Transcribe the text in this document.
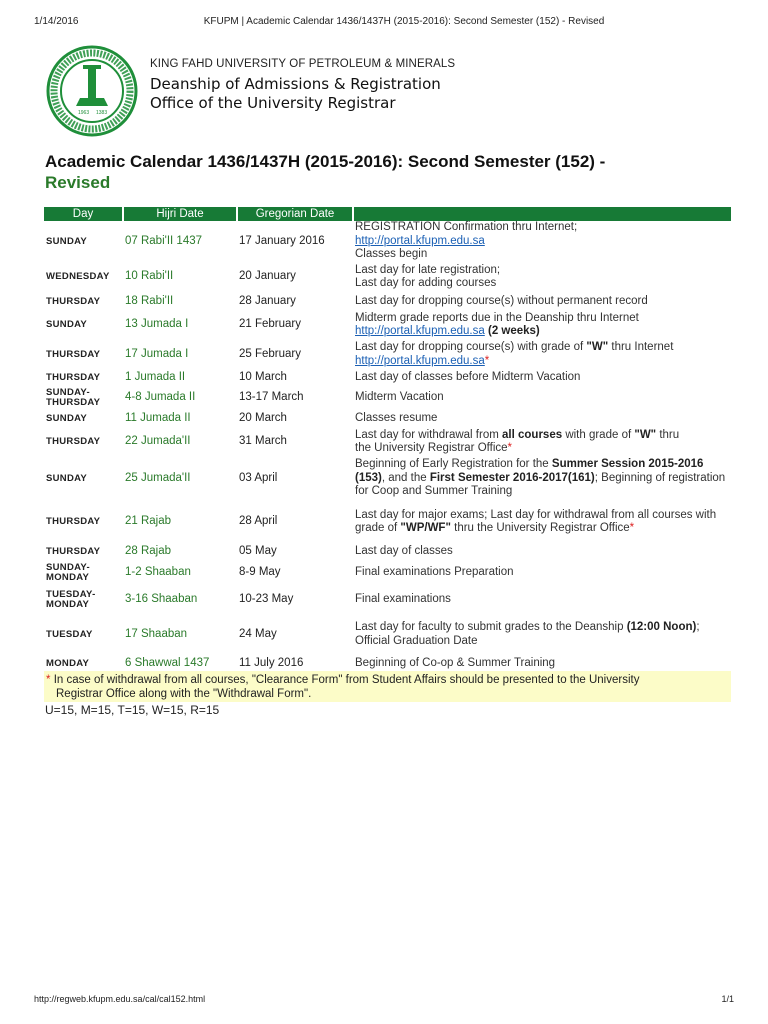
1/14/2016	KFUPM | Academic Calendar 1436/1437H (2015-2016): Second Semester (152) - Revised
1963 1383
KING FAHD UNIVERSITY OF PETROLEUM & MINERALS
Deanship of Admissions & Registration
Office of the University Registrar
Academic Calendar 1436/1437H (2015-2016): Second Semester (152) -
Revised
Day	Hijri Date	Gregorian Date	
SUNDAY	07 Rabi'II 1437	17 January 2016	REGISTRATION Confirmation thru Internet;
http://portal.kfupm.edu.sa
Classes begin
WEDNESDAY	10 Rabi'II	20 January	Last day for late registration;
Last day for adding courses
THURSDAY	18 Rabi'II	28 January	Last day for dropping course(s) without permanent record
SUNDAY	13 Jumada I	21 February	Midterm grade reports due in the Deanship thru Internet
http://portal.kfupm.edu.sa (2 weeks)
THURSDAY	17 Jumada I	25 February	Last day for dropping course(s) with grade of "W" thru Internet
http://portal.kfupm.edu.sa*
THURSDAY	1 Jumada II	10 March	Last day of classes before Midterm Vacation
SUNDAY-
THURSDAY	4-8 Jumada II	13-17 March	Midterm Vacation
SUNDAY	11 Jumada II	20 March	Classes resume
THURSDAY	22 Jumada'II	31 March	Last day for withdrawal from all courses with grade of "W" thru
the University Registrar Office*
SUNDAY	25 Jumada'II	03 April	Beginning of Early Registration for the Summer Session 2015-2016 (153), and the First Semester 2016-2017(161); Beginning of registration for Coop and Summer Training
THURSDAY	21 Rajab	28 April	Last day for major exams; Last day for withdrawal from all courses with grade of "WP/WF" thru the University Registrar Office*
THURSDAY	28 Rajab	05 May	Last day of classes
SUNDAY-
MONDAY	1-2 Shaaban	8-9 May	Final examinations Preparation
TUESDAY-
MONDAY	3-16 Shaaban	10-23 May	Final examinations
TUESDAY	17 Shaaban	24 May	Last day for faculty to submit grades to the Deanship (12:00 Noon);
Official Graduation Date
MONDAY	6 Shawwal 1437	11 July 2016	Beginning of Co-op & Summer Training
* In case of withdrawal from all courses, "Clearance Form" from Student Affairs should be presented to the University
Registrar Office along with the "Withdrawal Form".
U=15, M=15, T=15, W=15, R=15
http://regweb.kfupm.edu.sa/cal/cal152.html	1/1
